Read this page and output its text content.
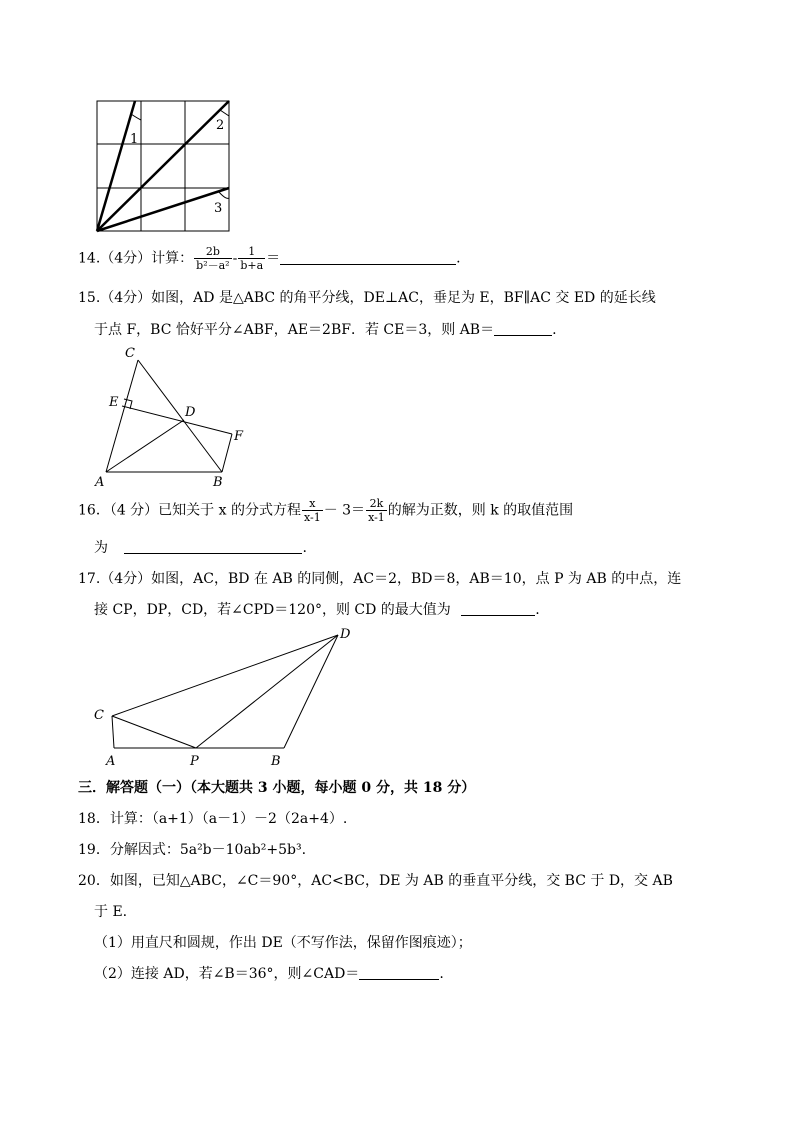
1
2
3
14.（4分）计算： $\frac{2b}{\text{b²－a²}} - \frac{1}{b+a}$ ＝	.
15.（4分）如图，AD 是△ABC 的角平分线，DE⊥AC，垂足为 E，BF∥AC 交 ED 的延长线
于点 F，BC 恰好平分∠ABF，AE＝2BF．若 CE＝3，则 AB＝	.
C
E
D
F
A	B
16．（4 分）已知关于 x 的分式方程 $\frac{x}{x-1} - 3= \frac{2k}{x-1}$ 的解为正数，则 k 的取值范围
为	.
17.（4分）如图，AC，BD 在 AB 的同侧，AC＝2，BD＝8，AB＝10，点 P 为 AB 的中点，连
接 CP，DP，CD，若∠CPD＝120°，则 CD 的最大值为	.
C
D
A	P	B
三．解答题（一）（本大题共 3 小题，每小题 0 分，共 18 分）
18．计算：（a+1）（a－1）－2（2a+4）.
19．分解因式：5a²b－10ab²+5b³.
20．如图，已知△ABC，∠C＝90°，AC<BC，DE 为 AB 的垂直平分线，交 BC 于 D，交 AB
于 E.
（1）用直尺和圆规，作出 DE（不写作法，保留作图痕迹）；
（2）连接 AD，若∠B＝36°，则∠CAD＝	.
